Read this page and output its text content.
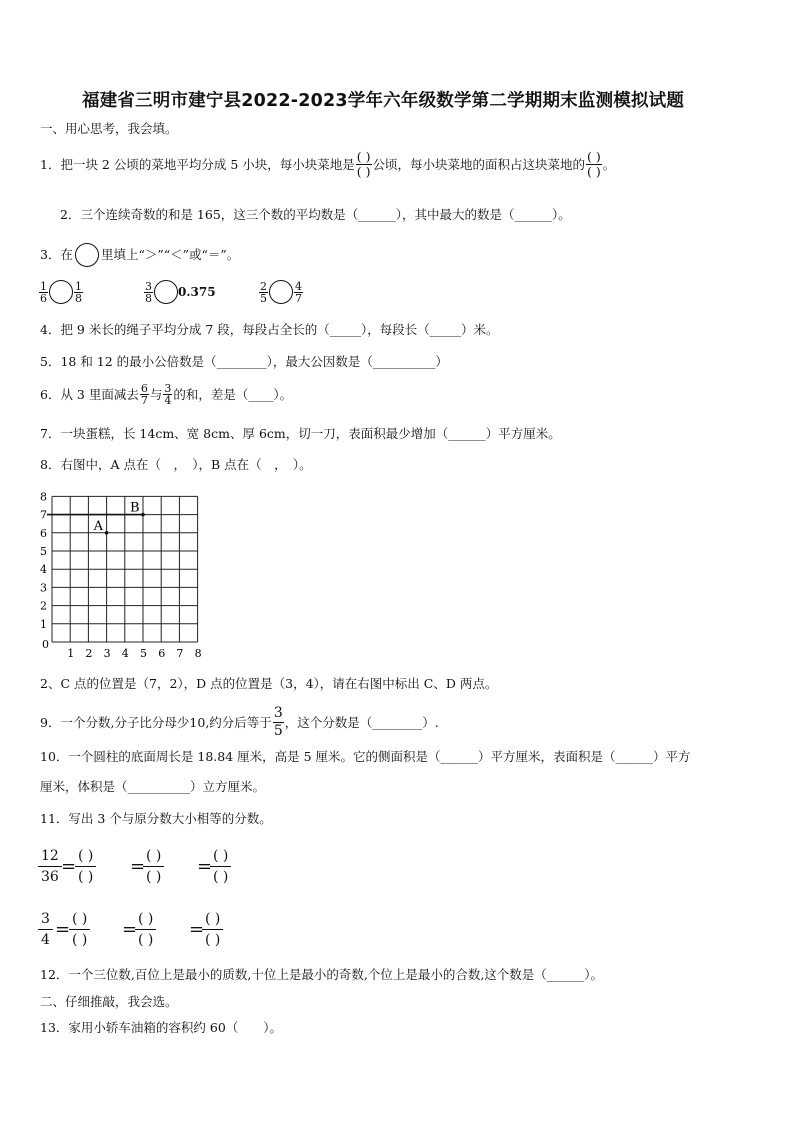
福建省三明市建宁县2022-2023学年六年级数学第二学期期末监测模拟试题
一、用心思考，我会填。
1．把一块 2 公顷的菜地平均分成 5 小块，每小块菜地是 $\frac{( )}{( )}$ 公顷，每小块菜地的面积占这块菜地的 $\frac{( )}{( )}$ 。
2．三个连续奇数的和是 165，这三个数的平均数是（______），其中最大的数是（______）。
3．在 里填上“＞”“＜”或“＝”。
$\frac{1}{6} \frac{1}{8}$	$\frac{3}{8} 0.375$	$\frac{2}{5} \frac{4}{7}$
4．把 9 米长的绳子平均分成 7 段，每段占全长的（_____），每段长（_____）米。
5．18 和 12 的最小公倍数是（________），最大公因数是（__________）
6．从 3 里面减去 $\frac{6}{7}$ 与 $\frac{3}{4}$ 的和，差是（____）。
7．一块蛋糕，长 14cm、宽 8cm、厚 6cm，切一刀，表面积最少增加（______）平方厘米。
8．右图中，A 点在（　，　），B 点在（　，　）。
0
1 2 3 4 5 6 7 8
1
2
3
4
5
6
7
8
A
B
2、C 点的位置是（7，2），D 点的位置是（3，4），请在右图中标出 C、D 两点。
9．一个分数,分子比分母少10,约分后等于 $\frac{3}{5}$ ，这个分数是（________）.
10．一个圆柱的底面周长是 18.84 厘米，高是 5 厘米。它的侧面积是（______）平方厘米，表面积是（______）平方
厘米，体积是（__________）立方厘米。
11．写出 3 个与原分数大小相等的分数。
12
36 = ( )
( ) = ( )
( ) = ( )
( )
3
4 = ( )
( ) = ( )
( ) = ( )
( )
12．一个三位数,百位上是最小的质数,十位上是最小的奇数,个位上是最小的合数,这个数是（______）。
二、仔细推敲，我会选。
13．家用小轿车油箱的容积约 60（　　）。
